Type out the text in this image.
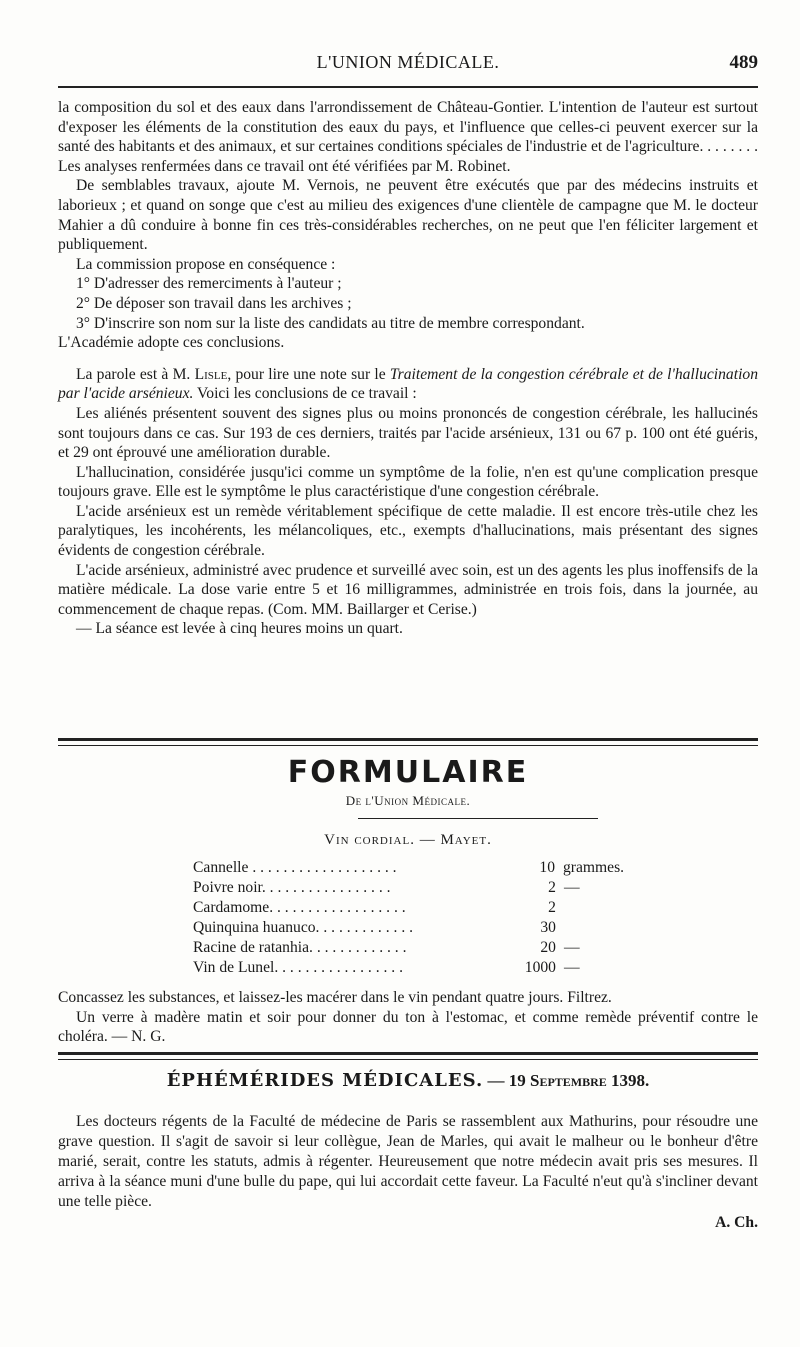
L'UNION MÉDICALE.	489

la composition du sol et des eaux dans l'arrondissement de Château-Gontier. L'intention de l'auteur est surtout d'exposer les éléments de la constitution des eaux du pays, et l'influence que celles-ci peuvent exercer sur la santé des habitants et des animaux, et sur certaines conditions spéciales de l'industrie et de l'agriculture. . . . . . . . Les analyses renfermées dans ce travail ont été vérifiées par M. Robinet.

De semblables travaux, ajoute M. Vernois, ne peuvent être exécutés que par des médecins instruits et laborieux ; et quand on songe que c'est au milieu des exigences d'une clientèle de campagne que M. le docteur Mahier a dû conduire à bonne fin ces très-considérables recherches, on ne peut que l'en féliciter largement et publiquement.

La commission propose en conséquence :

1° D'adresser des remerciments à l'auteur ;

2° De déposer son travail dans les archives ;

3° D'inscrire son nom sur la liste des candidats au titre de membre correspondant.

L'Académie adopte ces conclusions.

La parole est à M. Lisle, pour lire une note sur le Traitement de la congestion cérébrale et de l'hallucination par l'acide arsénieux. Voici les conclusions de ce travail :

Les aliénés présentent souvent des signes plus ou moins prononcés de congestion cérébrale, les hallucinés sont toujours dans ce cas. Sur 193 de ces derniers, traités par l'acide arsénieux, 131 ou 67 p. 100 ont été guéris, et 29 ont éprouvé une amélioration durable.

L'hallucination, considérée jusqu'ici comme un symptôme de la folie, n'en est qu'une complication presque toujours grave. Elle est le symptôme le plus caractéristique d'une congestion cérébrale.

L'acide arsénieux est un remède véritablement spécifique de cette maladie. Il est encore très-utile chez les paralytiques, les incohérents, les mélancoliques, etc., exempts d'hallucinations, mais présentant des signes évidents de congestion cérébrale.

L'acide arsénieux, administré avec prudence et surveillé avec soin, est un des agents les plus inoffensifs de la matière médicale. La dose varie entre 5 et 16 milligrammes, administrée en trois fois, dans la journée, au commencement de chaque repas. (Com. MM. Baillarger et Cerise.)

— La séance est levée à cinq heures moins un quart.

FORMULAIRE
De l'Union Médicale.
Vin cordial. — Mayet.
Cannelle . . . . . . . . . . . . . . . . . . .	10 grammes.
Poivre noir. . . . . . . . . . . . . . . . .	2 —
Cardamome. . . . . . . . . . . . . . . . . .	2
Quinquina huanuco. . . . . . . . . . . . .	30
Racine de ratanhia. . . . . . . . . . . . .	20 —
Vin de Lunel. . . . . . . . . . . . . . . . .	1000 —

Concassez les substances, et laissez-les macérer dans le vin pendant quatre jours. Filtrez.

Un verre à madère matin et soir pour donner du ton à l'estomac, et comme remède préventif contre le choléra. — N. G.

ÉPHÉMÉRIDES MÉDICALES. — 19 Septembre 1398.

Les docteurs régents de la Faculté de médecine de Paris se rassemblent aux Mathurins, pour résoudre une grave question. Il s'agit de savoir si leur collègue, Jean de Marles, qui avait le malheur ou le bonheur d'être marié, serait, contre les statuts, admis à régenter. Heureusement que notre médecin avait pris ses mesures. Il arriva à la séance muni d'une bulle du pape, qui lui accordait cette faveur. La Faculté n'eut qu'à s'incliner devant une telle pièce.

A. Ch.
